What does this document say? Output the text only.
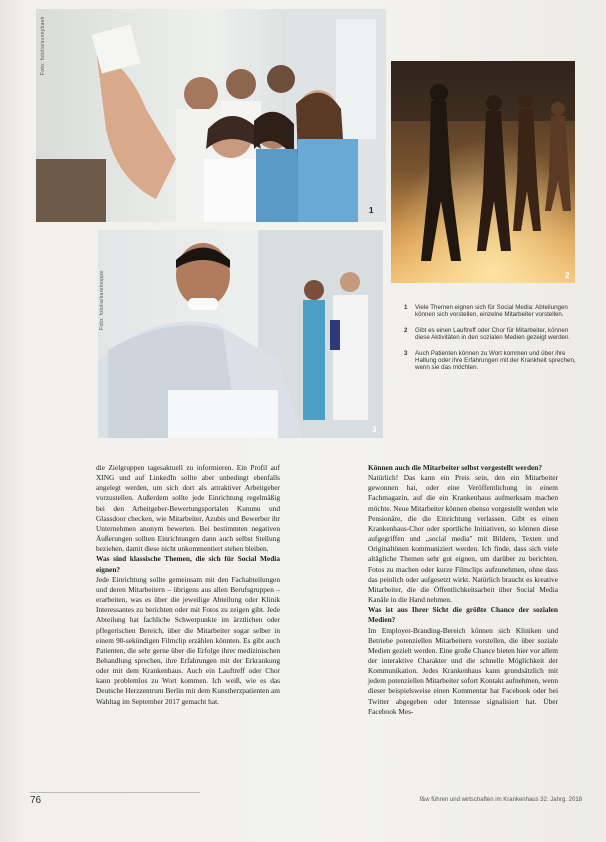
1
Foto: fotolia/sunnybaek
2
3
Foto: fotolia/karelnoppe	1	Viele Themen eignen sich für Social Media: Abteilungen können sich vorstellen, einzelne Mitarbeiter vorstellen.
2	Gibt es einen Lauftreff oder Chor für Mitarbeiter, können diese Aktivitäten in den sozialen Medien gezeigt werden.
3	Auch Patienten können zu Wort kommen und über ihre Haltung oder ihre Erfahrungen mit der Krankheit sprechen, wenn sie das möchten.

die Zielgruppen tagesaktuell zu informieren. Ein Profil auf XING und auf LinkedIn sollte aber unbedingt ebenfalls angelegt werden, um sich dort als attraktiver Arbeitgeber vorzustellen. Außerdem sollte jede Einrichtung regelmäßig bei den Arbeitgeber-Bewertungsportalen Kununu und Glassdoor checken, wie Mitarbeiter, Azubis und Bewerber ihr Unternehmen anonym bewerten. Bei bestimmten negativen Äußerungen sollten Einrichtungen dann auch selbst Stellung beziehen, damit diese nicht unkommentiert stehen bleiben.

Was sind klassische Themen, die sich für Social Media eignen?

Jede Einrichtung sollte gemeinsam mit den Fachabteilungen und deren Mitarbeitern – übrigens aus allen Berufsgruppen – erarbeiten, was es über die jeweilige Abteilung oder Klinik Interessantes zu berichten oder mit Fotos zu zeigen gibt. Jede Abteilung hat fachliche Schwerpunkte im ärztlichen oder pflegerischen Bereich, über die Mitarbeiter sogar selber in einem 90-sekündigen Filmclip erzählen könnten. Es gibt auch Patienten, die sehr gerne über die Erfolge ihrer medizinischen Behandlung sprechen, ihre Erfahrungen mit der Erkrankung oder mit dem Krankenhaus. Auch ein Lauftreff oder Chor kann problemlos zu Wort kommen. Ich weiß, wie es das Deutsche Herzzentrum Berlin mit dem Kunstherzpatienten am Wahltag im September 2017 gemacht hat.

Können auch die Mitarbeiter selbst vorgestellt werden?

Natürlich! Das kann ein Preis sein, den ein Mitarbeiter gewonnen hat, oder eine Veröffentlichung in einem Fachmagazin, auf die ein Krankenhaus aufmerksam machen möchte. Neue Mitarbeiter können ebenso vorgestellt werden wie Pensionäre, die die Einrichtung verlassen. Gibt es einen Krankenhaus-Chor oder sportliche Initiativen, so können diese aufgegriffen und „social media" mit Bildern, Texten und Originaltönen kommuniziert werden. Ich finde, dass sich viele altägliche Themen sehr gut eignen, um darüber zu berichten. Fotos zu machen oder kurze Filmclips aufzunehmen, ohne dass das peinlich oder aufgesetzt wirkt. Natürlich braucht es kreative Mitarbeiter, die die Öffentlichkeitsarbeit über Social Media Kanäle in die Hand nehmen.

Was ist aus Ihrer Sicht die größte Chance der sozialen Medien?

Im Employer-Branding-Bereich können sich Kliniken und Betriebe potenziellen Mitarbeitern vorstellen, die über soziale Medien gezielt werden. Eine große Chance bieten hier vor allem der interaktive Charakter und die schnelle Möglichkeit der Kommunikation. Jedes Krankenhaus kann grundsätzlich mit jedem potenziellen Mitarbeiter sofort Kontakt aufnehmen, wenn dieser beispielsweise einen Kommentar hat Facebook oder bei Twitter abgegeben oder Interesse signalisiert hat. Über Facebook Mes-

76	f&w führen und wirtschaften im Krankenhaus 32. Jahrg. 2018
